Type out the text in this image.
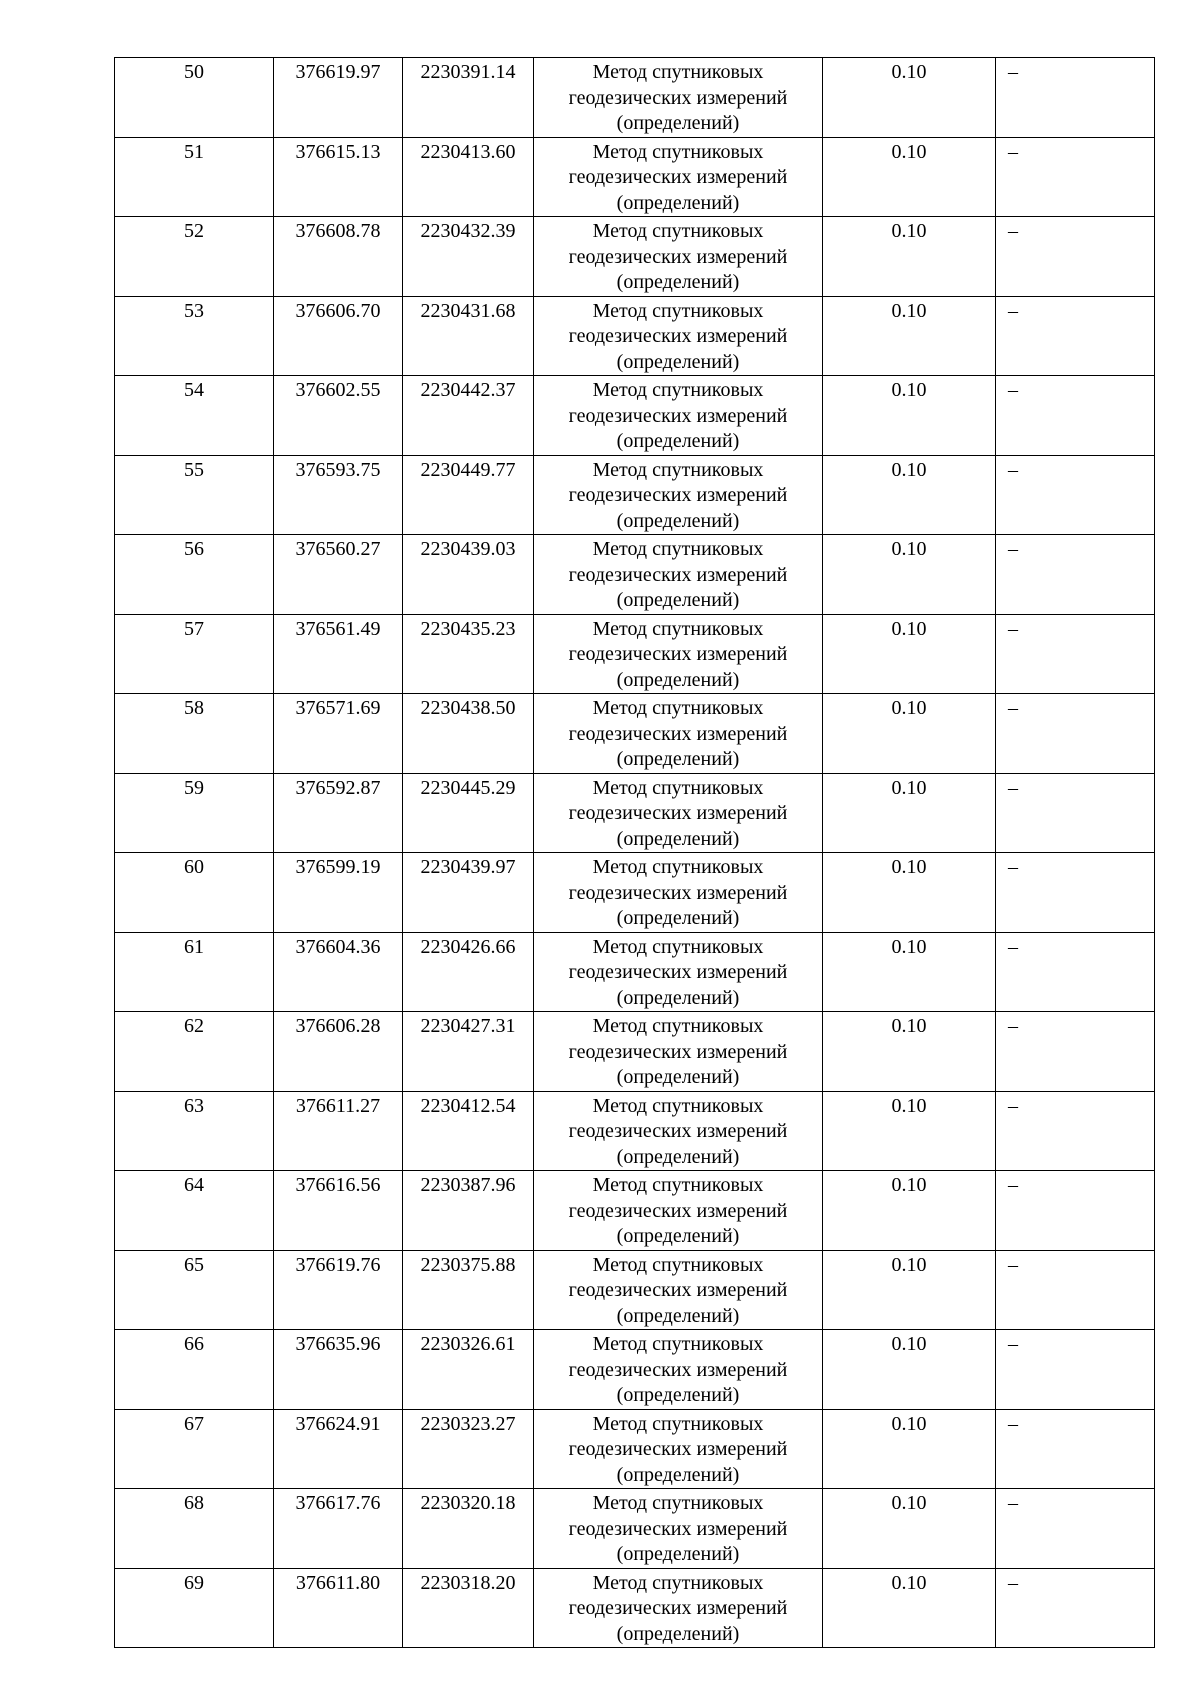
50	376619.97	2230391.14	Метод спутниковых
геодезических измерений
(определений)	0.10	–
51	376615.13	2230413.60	Метод спутниковых
геодезических измерений
(определений)	0.10	–
52	376608.78	2230432.39	Метод спутниковых
геодезических измерений
(определений)	0.10	–
53	376606.70	2230431.68	Метод спутниковых
геодезических измерений
(определений)	0.10	–
54	376602.55	2230442.37	Метод спутниковых
геодезических измерений
(определений)	0.10	–
55	376593.75	2230449.77	Метод спутниковых
геодезических измерений
(определений)	0.10	–
56	376560.27	2230439.03	Метод спутниковых
геодезических измерений
(определений)	0.10	–
57	376561.49	2230435.23	Метод спутниковых
геодезических измерений
(определений)	0.10	–
58	376571.69	2230438.50	Метод спутниковых
геодезических измерений
(определений)	0.10	–
59	376592.87	2230445.29	Метод спутниковых
геодезических измерений
(определений)	0.10	–
60	376599.19	2230439.97	Метод спутниковых
геодезических измерений
(определений)	0.10	–
61	376604.36	2230426.66	Метод спутниковых
геодезических измерений
(определений)	0.10	–
62	376606.28	2230427.31	Метод спутниковых
геодезических измерений
(определений)	0.10	–
63	376611.27	2230412.54	Метод спутниковых
геодезических измерений
(определений)	0.10	–
64	376616.56	2230387.96	Метод спутниковых
геодезических измерений
(определений)	0.10	–
65	376619.76	2230375.88	Метод спутниковых
геодезических измерений
(определений)	0.10	–
66	376635.96	2230326.61	Метод спутниковых
геодезических измерений
(определений)	0.10	–
67	376624.91	2230323.27	Метод спутниковых
геодезических измерений
(определений)	0.10	–
68	376617.76	2230320.18	Метод спутниковых
геодезических измерений
(определений)	0.10	–
69	376611.80	2230318.20	Метод спутниковых
геодезических измерений
(определений)	0.10	–
